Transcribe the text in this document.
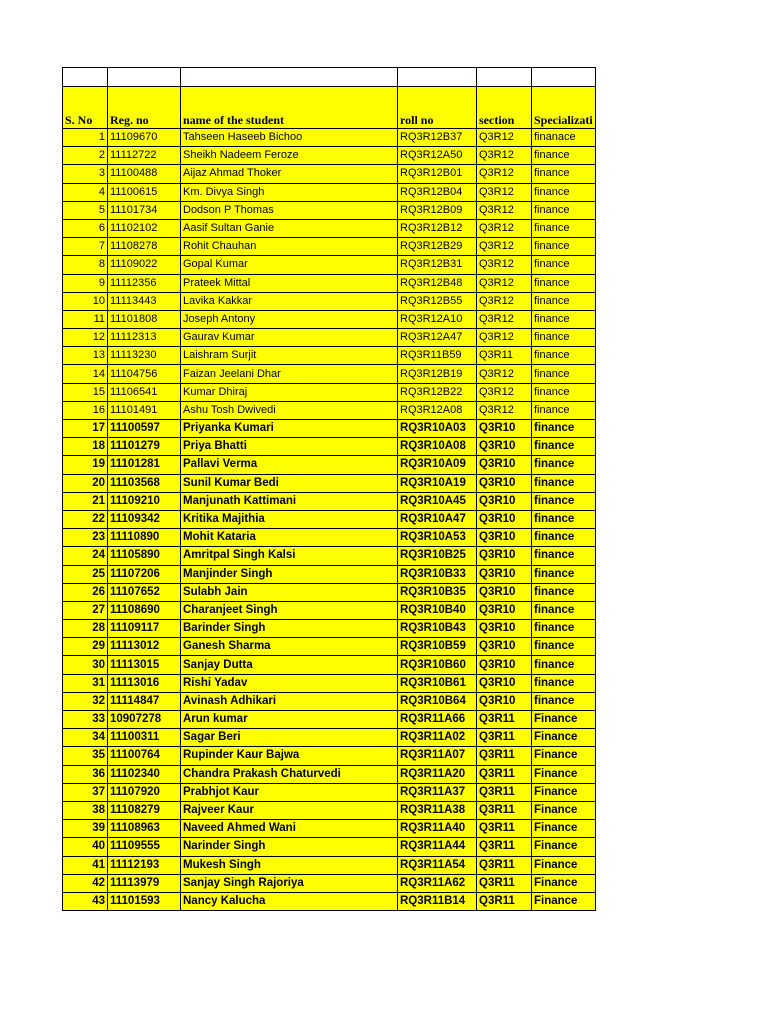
S. No	Reg. no	name of the student	roll no	section	Specializati
1	11109670	Tahseen Haseeb Bichoo	RQ3R12B37	Q3R12	finanace
2	11112722	Sheikh Nadeem Feroze	RQ3R12A50	Q3R12	finance
3	11100488	Aijaz Ahmad Thoker	RQ3R12B01	Q3R12	finance
4	11100615	Km. Divya Singh	RQ3R12B04	Q3R12	finance
5	11101734	Dodson P Thomas	RQ3R12B09	Q3R12	finance
6	11102102	Aasif Sultan Ganie	RQ3R12B12	Q3R12	finance
7	11108278	Rohit Chauhan	RQ3R12B29	Q3R12	finance
8	11109022	Gopal Kumar	RQ3R12B31	Q3R12	finance
9	11112356	Prateek Mittal	RQ3R12B48	Q3R12	finance
10	11113443	Lavika Kakkar	RQ3R12B55	Q3R12	finance
11	11101808	Joseph Antony	RQ3R12A10	Q3R12	finance
12	11112313	Gaurav Kumar	RQ3R12A47	Q3R12	finance
13	11113230	Laishram Surjit	RQ3R11B59	Q3R11	finance
14	11104756	Faizan Jeelani Dhar	RQ3R12B19	Q3R12	finance
15	11106541	Kumar Dhiraj	RQ3R12B22	Q3R12	finance
16	11101491	Ashu Tosh Dwivedi	RQ3R12A08	Q3R12	finance
17	11100597	Priyanka Kumari	RQ3R10A03	Q3R10	finance
18	11101279	Priya Bhatti	RQ3R10A08	Q3R10	finance
19	11101281	Pallavi Verma	RQ3R10A09	Q3R10	finance
20	11103568	Sunil Kumar Bedi	RQ3R10A19	Q3R10	finance
21	11109210	Manjunath Kattimani	RQ3R10A45	Q3R10	finance
22	11109342	Kritika Majithia	RQ3R10A47	Q3R10	finance
23	11110890	Mohit Kataria	RQ3R10A53	Q3R10	finance
24	11105890	Amritpal Singh Kalsi	RQ3R10B25	Q3R10	finance
25	11107206	Manjinder Singh	RQ3R10B33	Q3R10	finance
26	11107652	Sulabh Jain	RQ3R10B35	Q3R10	finance
27	11108690	Charanjeet Singh	RQ3R10B40	Q3R10	finance
28	11109117	Barinder Singh	RQ3R10B43	Q3R10	finance
29	11113012	Ganesh Sharma	RQ3R10B59	Q3R10	finance
30	11113015	Sanjay Dutta	RQ3R10B60	Q3R10	finance
31	11113016	Rishi Yadav	RQ3R10B61	Q3R10	finance
32	11114847	Avinash Adhikari	RQ3R10B64	Q3R10	finance
33	10907278	Arun kumar	RQ3R11A66	Q3R11	Finance
34	11100311	Sagar Beri	RQ3R11A02	Q3R11	Finance
35	11100764	Rupinder Kaur Bajwa	RQ3R11A07	Q3R11	Finance
36	11102340	Chandra Prakash Chaturvedi	RQ3R11A20	Q3R11	Finance
37	11107920	Prabhjot Kaur	RQ3R11A37	Q3R11	Finance
38	11108279	Rajveer Kaur	RQ3R11A38	Q3R11	Finance
39	11108963	Naveed Ahmed Wani	RQ3R11A40	Q3R11	Finance
40	11109555	Narinder Singh	RQ3R11A44	Q3R11	Finance
41	11112193	Mukesh Singh	RQ3R11A54	Q3R11	Finance
42	11113979	Sanjay Singh Rajoriya	RQ3R11A62	Q3R11	Finance
43	11101593	Nancy Kalucha	RQ3R11B14	Q3R11	Finance
